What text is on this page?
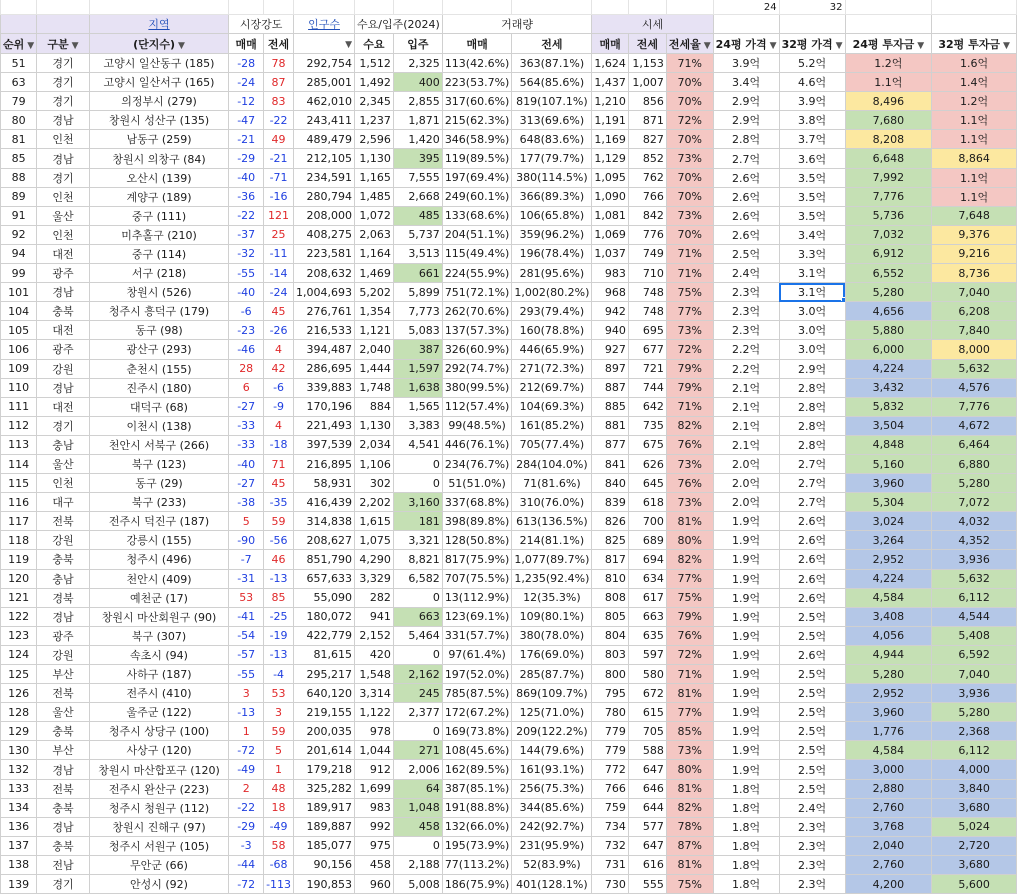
													24	32		
		지역	시장강도		인구수	수요/입주(2024)		거래량		시세						
순위 ▼	구분 ▼	(단지수) ▼	매매	전세	▼	수요	입주	매매	전세	매매	전세	전세율 ▼	24평 가격 ▼	32평 가격 ▼	24평 투자금 ▼	32평 투자금 ▼
51	경기	고양시 일산동구 (185)	-28	78	292,754	1,512	2,325	113(42.6%)	363(87.1%)	1,624	1,153	71%	3.9억	5.2억	1.2억	1.6억
63	경기	고양시 일산서구 (165)	-24	87	285,001	1,492	400	223(53.7%)	564(85.6%)	1,437	1,007	70%	3.4억	4.6억	1.1억	1.4억
79	경기	의정부시 (279)	-12	83	462,010	2,345	2,855	317(60.6%)	819(107.1%)	1,210	856	70%	2.9억	3.9억	8,496	1.2억
80	경남	창원시 성산구 (135)	-47	-22	243,411	1,237	1,871	215(62.3%)	313(69.6%)	1,191	871	72%	2.9억	3.8억	7,680	1.1억
81	인천	남동구 (259)	-21	49	489,479	2,596	1,420	346(58.9%)	648(83.6%)	1,169	827	70%	2.8억	3.7억	8,208	1.1억
85	경남	창원시 의창구 (84)	-29	-21	212,105	1,130	395	119(89.5%)	177(79.7%)	1,129	852	73%	2.7억	3.6억	6,648	8,864
88	경기	오산시 (139)	-40	-71	234,591	1,165	7,555	197(69.4%)	380(114.5%)	1,095	762	70%	2.6억	3.5억	7,992	1.1억
89	인천	계양구 (189)	-36	-16	280,794	1,485	2,668	249(60.1%)	366(89.3%)	1,090	766	70%	2.6억	3.5억	7,776	1.1억
91	울산	중구 (111)	-22	121	208,000	1,072	485	133(68.6%)	106(65.8%)	1,081	842	73%	2.6억	3.5억	5,736	7,648
92	인천	미추홀구 (210)	-37	25	408,275	2,063	5,737	204(51.1%)	359(96.2%)	1,069	776	70%	2.6억	3.4억	7,032	9,376
94	대전	중구 (114)	-32	-11	223,581	1,164	3,513	115(49.4%)	196(78.4%)	1,037	749	71%	2.5억	3.3억	6,912	9,216
99	광주	서구 (218)	-55	-14	208,632	1,469	661	224(55.9%)	281(95.6%)	983	710	71%	2.4억	3.1억	6,552	8,736
101	경남	창원시 (526)	-40	-24	1,004,693	5,202	5,899	751(72.1%)	1,002(80.2%)	968	748	75%	2.3억	3.1억	5,280	7,040
104	충북	청주시 흥덕구 (179)	-6	45	276,761	1,354	7,773	262(70.6%)	293(79.4%)	942	748	77%	2.3억	3.0억	4,656	6,208
105	대전	동구 (98)	-23	-26	216,533	1,121	5,083	137(57.3%)	160(78.8%)	940	695	73%	2.3억	3.0억	5,880	7,840
106	광주	광산구 (293)	-46	4	394,487	2,040	387	326(60.9%)	446(65.9%)	927	677	72%	2.2억	3.0억	6,000	8,000
109	강원	춘천시 (155)	28	42	286,695	1,444	1,597	292(74.7%)	271(72.3%)	897	721	79%	2.2억	2.9억	4,224	5,632
110	경남	진주시 (180)	6	-6	339,883	1,748	1,638	380(99.5%)	212(69.7%)	887	744	79%	2.1억	2.8억	3,432	4,576
111	대전	대덕구 (68)	-27	-9	170,196	884	1,565	112(57.4%)	104(69.3%)	885	642	71%	2.1억	2.8억	5,832	7,776
112	경기	이천시 (138)	-33	4	221,493	1,130	3,383	99(48.5%)	161(85.2%)	881	735	82%	2.1억	2.8억	3,504	4,672
113	충남	천안시 서북구 (266)	-33	-18	397,539	2,034	4,541	446(76.1%)	705(77.4%)	877	675	76%	2.1억	2.8억	4,848	6,464
114	울산	북구 (123)	-40	71	216,895	1,106	0	234(76.7%)	284(104.0%)	841	626	73%	2.0억	2.7억	5,160	6,880
115	인천	동구 (29)	-27	45	58,931	302	0	51(51.0%)	71(81.6%)	840	645	76%	2.0억	2.7억	3,960	5,280
116	대구	북구 (233)	-38	-35	416,439	2,202	3,160	337(68.8%)	310(76.0%)	839	618	73%	2.0억	2.7억	5,304	7,072
117	전북	전주시 덕진구 (187)	5	59	314,838	1,615	181	398(89.8%)	613(136.5%)	826	700	81%	1.9억	2.6억	3,024	4,032
118	강원	강릉시 (155)	-90	-56	208,627	1,075	3,321	128(50.8%)	214(81.1%)	825	689	80%	1.9억	2.6억	3,264	4,352
119	충북	청주시 (496)	-7	46	851,790	4,290	8,821	817(75.9%)	1,077(89.7%)	817	694	82%	1.9억	2.6억	2,952	3,936
120	충남	천안시 (409)	-31	-13	657,633	3,329	6,582	707(75.5%)	1,235(92.4%)	810	634	77%	1.9억	2.6억	4,224	5,632
121	경북	예천군 (17)	53	85	55,090	282	0	13(112.9%)	12(35.3%)	808	617	75%	1.9억	2.6억	4,584	6,112
122	경남	창원시 마산회원구 (90)	-41	-25	180,072	941	663	123(69.1%)	109(80.1%)	805	663	79%	1.9억	2.5억	3,408	4,544
123	광주	북구 (307)	-54	-19	422,779	2,152	5,464	331(57.7%)	380(78.0%)	804	635	76%	1.9억	2.5억	4,056	5,408
124	강원	속초시 (94)	-57	-13	81,615	420	0	97(61.4%)	176(69.0%)	803	597	72%	1.9억	2.6억	4,944	6,592
125	부산	사하구 (187)	-55	-4	295,217	1,548	2,162	197(52.0%)	285(87.7%)	800	580	71%	1.9억	2.5억	5,280	7,040
126	전북	전주시 (410)	3	53	640,120	3,314	245	785(87.5%)	869(109.7%)	795	672	81%	1.9억	2.5억	2,952	3,936
128	울산	울주군 (122)	-13	3	219,155	1,122	2,377	172(67.2%)	125(71.0%)	780	615	77%	1.9억	2.5억	3,960	5,280
129	충북	청주시 상당구 (100)	1	59	200,035	978	0	169(73.8%)	209(122.2%)	779	705	85%	1.9억	2.5억	1,776	2,368
130	부산	사상구 (120)	-72	5	201,614	1,044	271	108(45.6%)	144(79.6%)	779	588	73%	1.9억	2.5억	4,584	6,112
132	경남	창원시 마산합포구 (120)	-49	1	179,218	912	2,006	162(89.5%)	161(93.1%)	772	647	80%	1.9억	2.5억	3,000	4,000
133	전북	전주시 완산구 (223)	2	48	325,282	1,699	64	387(85.1%)	256(75.3%)	766	646	81%	1.8억	2.5억	2,880	3,840
134	충북	청주시 청원구 (112)	-22	18	189,917	983	1,048	191(88.8%)	344(85.6%)	759	644	82%	1.8억	2.4억	2,760	3,680
136	경남	창원시 진해구 (97)	-29	-49	189,887	992	458	132(66.0%)	242(92.7%)	734	577	78%	1.8억	2.3억	3,768	5,024
137	충북	청주시 서원구 (105)	-3	58	185,077	975	0	195(73.9%)	231(95.9%)	732	647	87%	1.8억	2.3억	2,040	2,720
138	전남	무안군 (66)	-44	-68	90,156	458	2,188	77(113.2%)	52(83.9%)	731	616	81%	1.8억	2.3억	2,760	3,680
139	경기	안성시 (92)	-72	-113	190,853	960	5,008	186(75.9%)	401(128.1%)	730	555	75%	1.8억	2.3억	4,200	5,600
